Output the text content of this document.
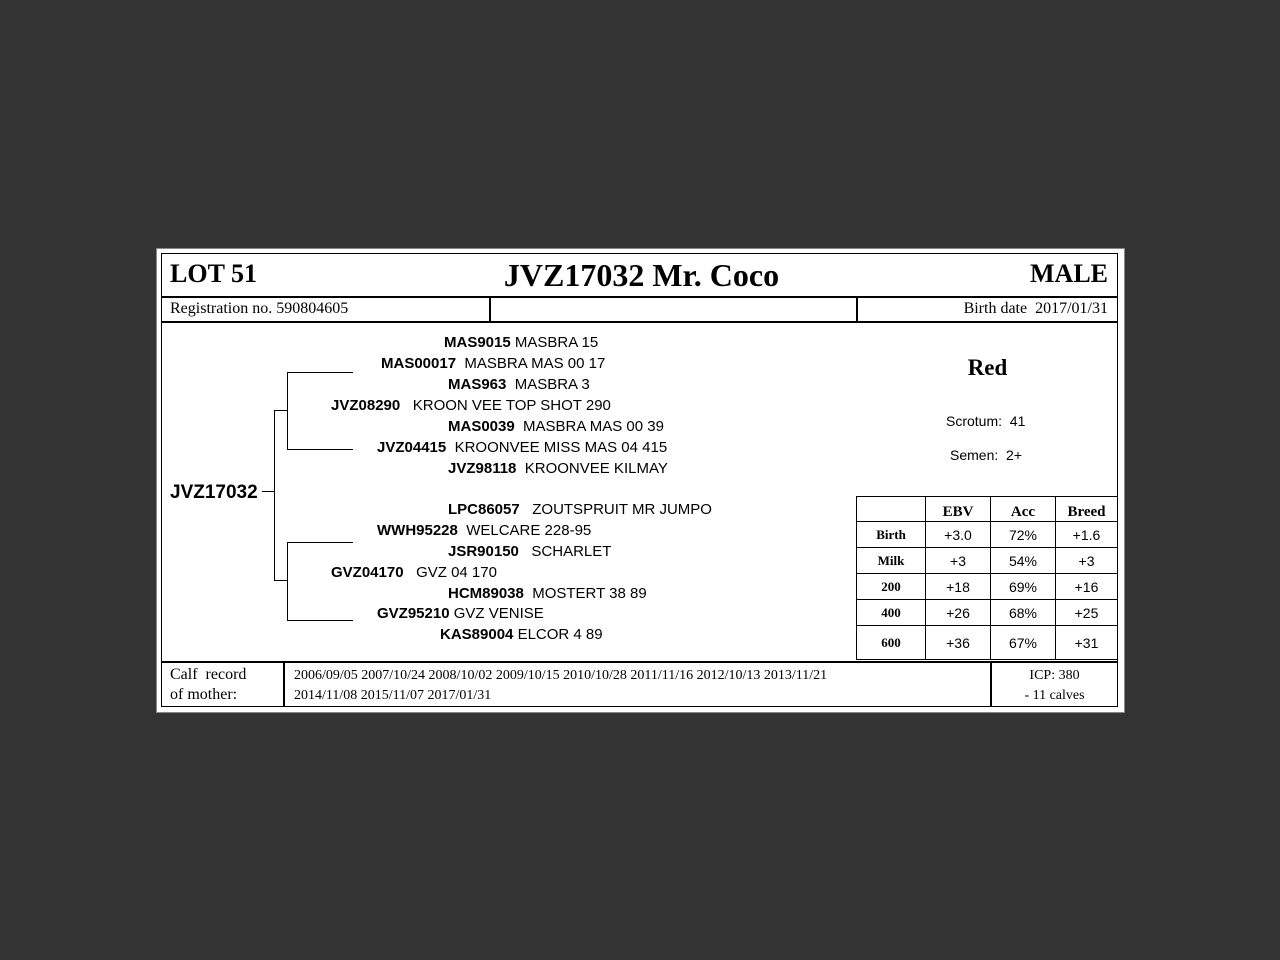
LOT 51	JVZ17032 Mr. Coco	MALE
Registration no. 590804605	Birth date 2017/01/31
JVZ17032
MAS9015 MASBRA 15
MAS00017 MASBRA MAS 00 17
MAS963 MASBRA 3
JVZ08290 KROON VEE TOP SHOT 290
MAS0039 MASBRA MAS 00 39
JVZ04415 KROONVEE MISS MAS 04 415
JVZ98118 KROONVEE KILMAY
LPC86057 ZOUTSPRUIT MR JUMPO
WWH95228 WELCARE 228-95
JSR90150 SCHARLET
GVZ04170 GVZ 04 170
HCM89038 MOSTERT 38 89
GVZ95210 GVZ VENISE
KAS89004 ELCOR 4 89
Red
Scrotum: 41
Semen: 2+
	EBV	Acc	Breed
Birth	+3.0	72%	+1.6
Milk	+3	54%	+3
200	+18	69%	+16
400	+26	68%	+25
600	+36	67%	+31
Calf  record
of mother:
2006/09/05 2007/10/24 2008/10/02 2009/10/15 2010/10/28 2011/11/16 2012/10/13 2013/11/21
2014/11/08 2015/11/07 2017/01/31
ICP: 380
- 11 calves
